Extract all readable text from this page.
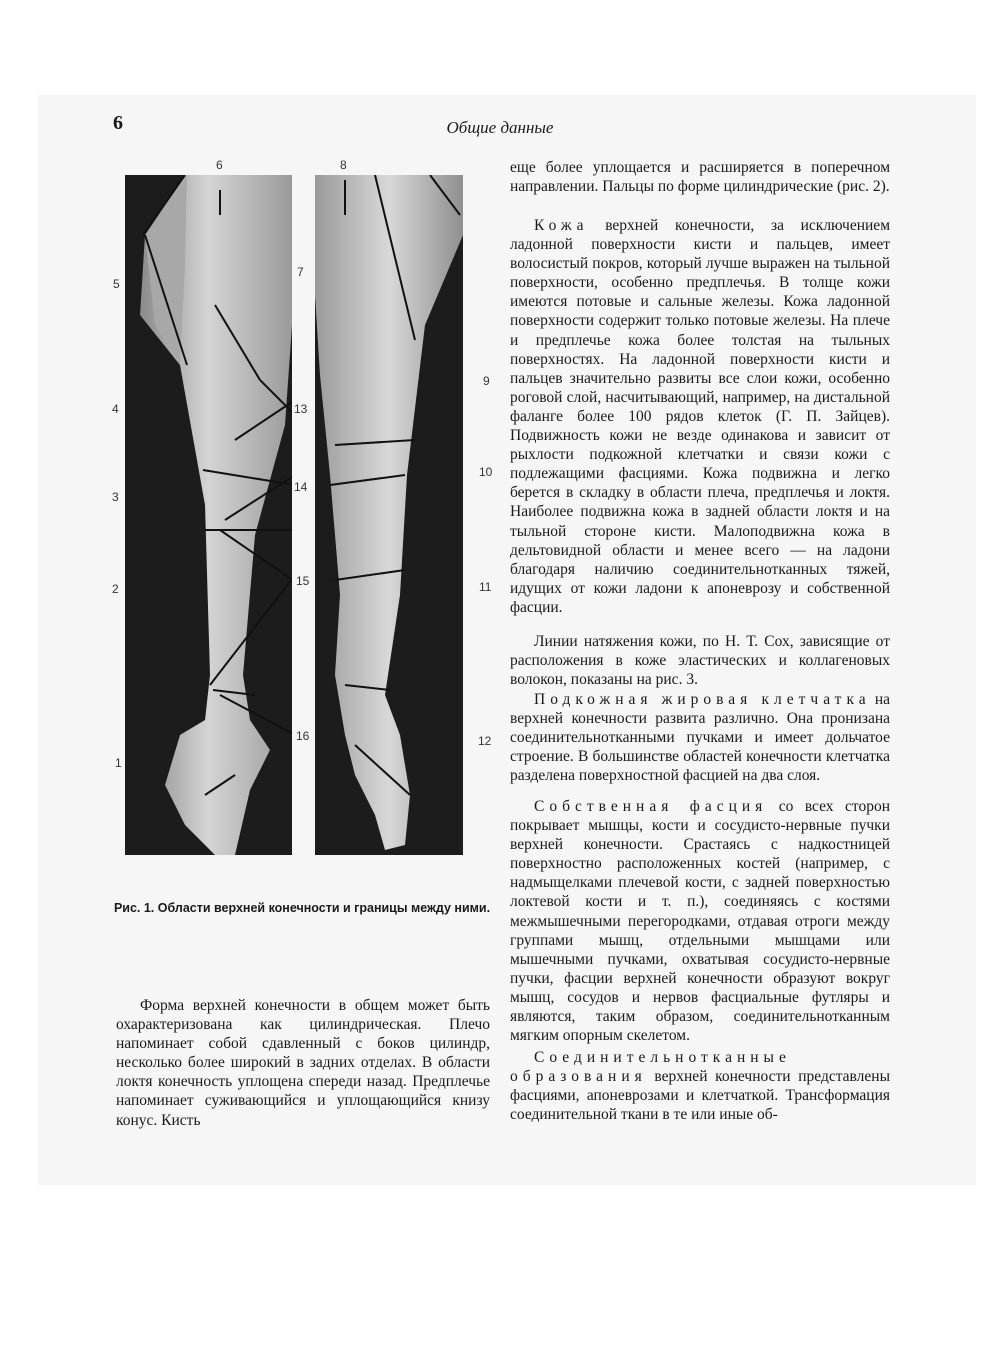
6	Общие данные
6	8
5
7
9
4	13
10
14
3
2
15	11
16	12
1
Рис. 1. Области верхней конечности и границы между ними.

Форма верхней конечности в общем может быть охарактеризована как цилиндрическая. Плечо напоминает собой сдавленный с боков цилиндр, несколько более широкий в задних отделах. В области локтя конечность уплощена спереди назад. Предплечье напоминает суживающийся и уплощающийся книзу конус. Кисть

еще более уплощается и расширяется в поперечном направлении. Пальцы по форме цилиндрические (рис. 2).

Кожа верхней конечности, за исключением ладонной поверхности кисти и пальцев, имеет волосистый покров, который лучше выражен на тыльной поверхности, особенно предплечья. В толще кожи имеются потовые и сальные железы. Кожа ладонной поверхности содержит только потовые железы. На плече и предплечье кожа более толстая на тыльных поверхностях. На ладонной поверхности кисти и пальцев значительно развиты все слои кожи, особенно роговой слой, насчитывающий, например, на дистальной фаланге более 100 рядов клеток (Г. П. Зайцев). Подвижность кожи не везде одинакова и зависит от рыхлости подкожной клетчатки и связи кожи с подлежащими фасциями. Кожа подвижна и легко берется в складку в области плеча, предплечья и локтя. Наиболее подвижна кожа в задней области локтя и на тыльной стороне кисти. Малоподвижна кожа в дельтовидной области и менее всего — на ладони благодаря наличию соединительнотканных тяжей, идущих от кожи ладони к апоневрозу и собственной фасции.

Линии натяжения кожи, по Н. Т. Сох, зависящие от расположения в коже эластических и коллагеновых волокон, показаны на рис. 3.

Подкожная жировая клетчатка на верхней конечности развита различно. Она пронизана соединительнотканными пучками и имеет дольчатое строение. В большинстве областей конечности клетчатка разделена поверхностной фасцией на два слоя.

Собственная фасция со всех сторон покрывает мышцы, кости и сосудисто-нервные пучки верхней конечности. Срастаясь с надкостницей поверхностно расположенных костей (например, с надмыщелками плечевой кости, с задней поверхностью локтевой кости и т. п.), соединяясь с костями межмышечными перегородками, отдавая отроги между группами мышц, отдельными мышцами или мышечными пучками, охватывая сосудисто-нервные пучки, фасции верхней конечности образуют вокруг мышц, сосудов и нервов фасциальные футляры и являются, таким образом, соединительнотканным мягким опорным скелетом.

Соединительнотканные образования верхней конечности представлены фасциями, апоневрозами и клетчаткой. Трансформация соединительной ткани в те или иные об-
